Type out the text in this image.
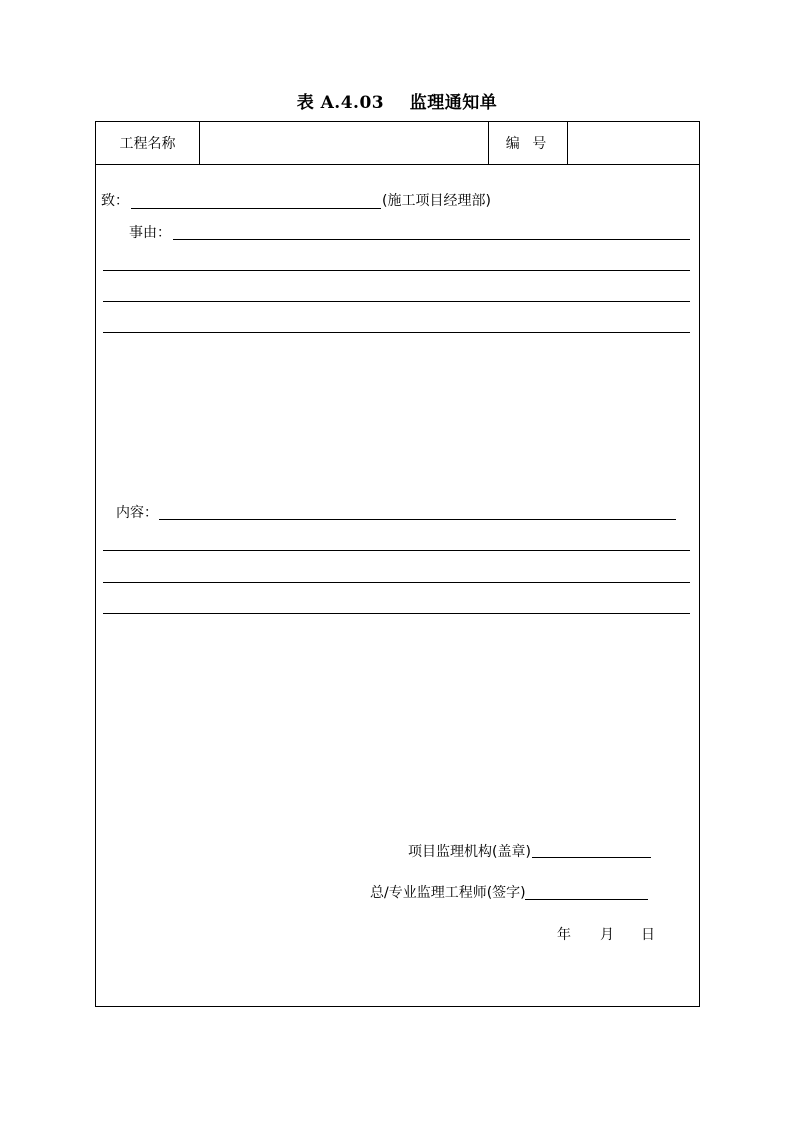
表 A.4.03    监理通知单
工程名称	编 号
致：	(施工项目经理部)
事由：
内容：
项目监理机构(盖章)
总/专业监理工程师(签字)
年 月 日
